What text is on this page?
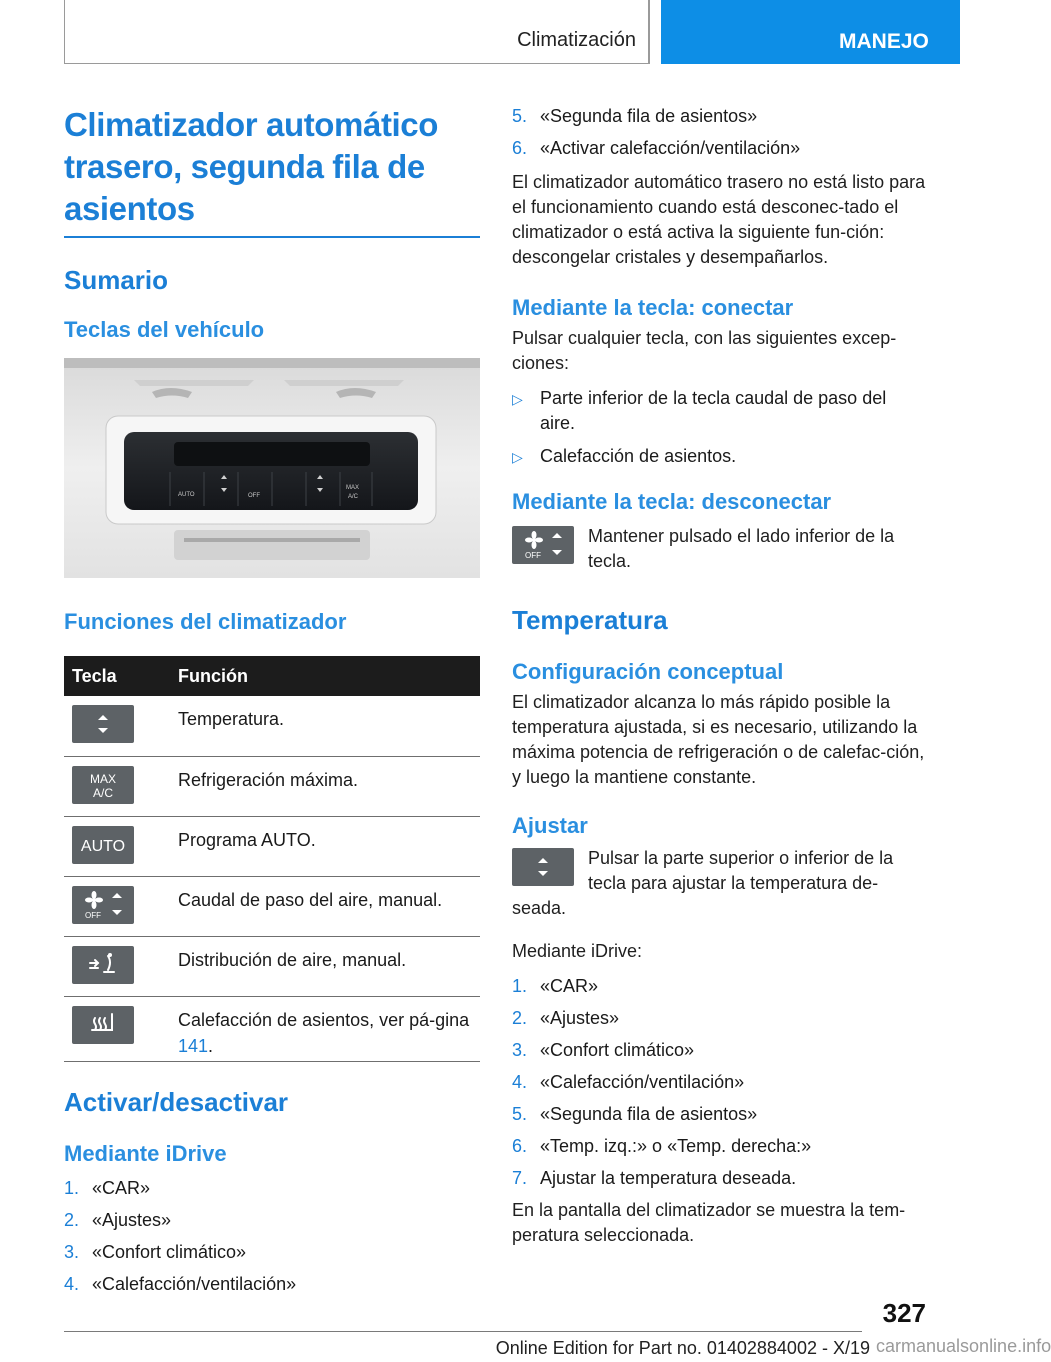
Climatización	MANEJO
Climatizador automático trasero, segunda fila de asientos
Sumario
Teclas del vehículo
AUTO	OFF
MAX
A/C
Funciones del climatizador
Tecla	Función

	Temperatura.

MAX
A/C	Refrigeración máxima.

AUTO	Programa AUTO.

OFF	Caudal de paso del aire, manual.

	Distribución de aire, manual.

	Calefacción de asientos, ver pá-gina 141.
Activar/desactivar
Mediante iDrive
1. «CAR»
2. «Ajustes»
3. «Confort climático»
4. «Calefacción/ventilación»
5. «Segunda fila de asientos»
6. «Activar calefacción/ventilación»

El climatizador automático trasero no está listo para el funcionamiento cuando está desconec-tado el climatizador o está activa la siguiente fun-ción: descongelar cristales y desempañarlos.

Mediante la tecla: conectar

Pulsar cualquier tecla, con las siguientes excep-ciones:

▷ Parte inferior de la tecla caudal de paso del aire.
▷ Calefacción de asientos.
Mediante la tecla: desconectar
OFF

Mantener pulsado el lado inferior de la tecla.

Temperatura
Configuración conceptual

El climatizador alcanza lo más rápido posible la temperatura ajustada, si es necesario, utilizando la máxima potencia de refrigeración o de calefac-ción, y luego la mantiene constante.

Ajustar

Pulsar la parte superior o inferior de la tecla para ajustar la temperatura de-

seada.

Mediante iDrive:

1. «CAR»
2. «Ajustes»
3. «Confort climático»
4. «Calefacción/ventilación»
5. «Segunda fila de asientos»
6. «Temp. izq.:» o «Temp. derecha:»
7. Ajustar la temperatura deseada.

En la pantalla del climatizador se muestra la tem-peratura seleccionada.

327
Online Edition for Part no. 01402884002 - X/19 carmanualsonline.info
